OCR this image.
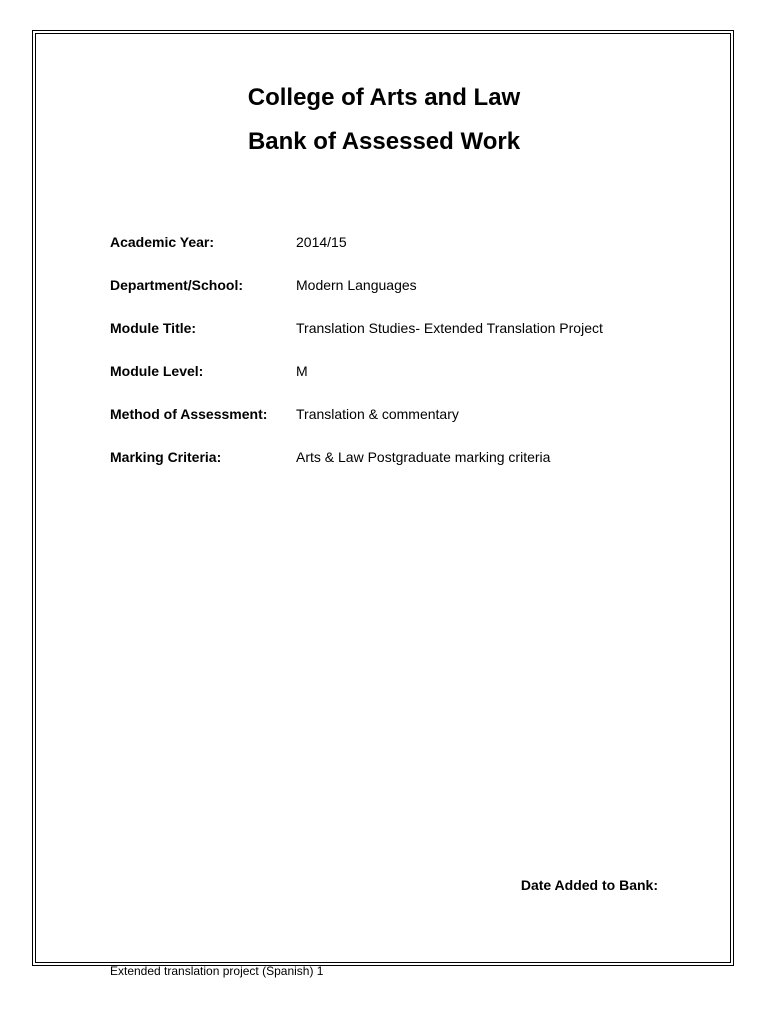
College of Arts and Law
Bank of Assessed Work
Academic Year:	2014/15
Department/School:	Modern Languages
Module Title:	Translation Studies- Extended Translation Project
Module Level:	M
Method of Assessment:	Translation & commentary
Marking Criteria:	Arts & Law Postgraduate marking criteria
Date Added to Bank:
Extended translation project (Spanish) 1
